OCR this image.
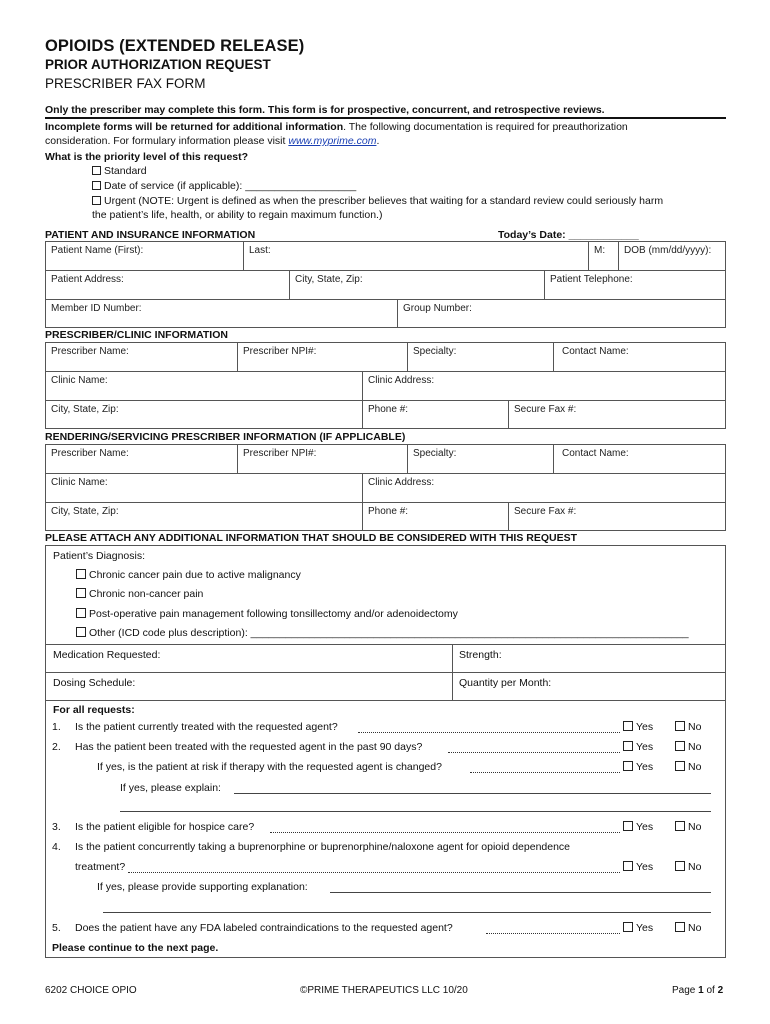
OPIOIDS (EXTENDED RELEASE)
PRIOR AUTHORIZATION REQUEST
PRESCRIBER FAX FORM
Only the prescriber may complete this form. This form is for prospective, concurrent, and retrospective reviews.
Incomplete forms will be returned for additional information. The following documentation is required for preauthorization
consideration. For formulary information please visit www.myprime.com.
What is the priority level of this request?
Standard
Date of service (if applicable): ___________________
Urgent (NOTE: Urgent is defined as when the prescriber believes that waiting for a standard review could seriously harm
the patient’s life, health, or ability to regain maximum function.)
PATIENT AND INSURANCE INFORMATION	Today’s Date: ____________
Patient Name (First):	Last:	M:	DOB (mm/dd/yyyy):
Patient Address:	City, State, Zip:	Patient Telephone:
Member ID Number:	Group Number:
PRESCRIBER/CLINIC INFORMATION
Prescriber Name:	Prescriber NPI#:	Specialty:	Contact Name:
Clinic Name:	Clinic Address:
City, State, Zip:	Phone #:	Secure Fax #:
RENDERING/SERVICING PRESCRIBER INFORMATION (IF APPLICABLE)
Prescriber Name:	Prescriber NPI#:	Specialty:	Contact Name:
Clinic Name:	Clinic Address:
City, State, Zip:	Phone #:	Secure Fax #:
PLEASE ATTACH ANY ADDITIONAL INFORMATION THAT SHOULD BE CONSIDERED WITH THIS REQUEST
Patient’s Diagnosis:
Chronic cancer pain due to active malignancy
Chronic non-cancer pain
Post-operative pain management following tonsillectomy and/or adenoidectomy
Other (ICD code plus description): ___________________________________________________________________________
Medication Requested:	Strength:
Dosing Schedule:	Quantity per Month:
For all requests:
1. Is the patient currently treated with the requested agent?	Yes	No
2. Has the patient been treated with the requested agent in the past 90 days?	Yes	No
If yes, is the patient at risk if therapy with the requested agent is changed?	Yes	No
If yes, please explain:
3. Is the patient eligible for hospice care?	Yes	No
4. Is the patient concurrently taking a buprenorphine or buprenorphine/naloxone agent for opioid dependence
treatment?	Yes	No
If yes, please provide supporting explanation:
5. Does the patient have any FDA labeled contraindications to the requested agent?	Yes	No
Please continue to the next page.
6202 CHOICE OPIO	©PRIME THERAPEUTICS LLC 10/20	Page 1 of 2
